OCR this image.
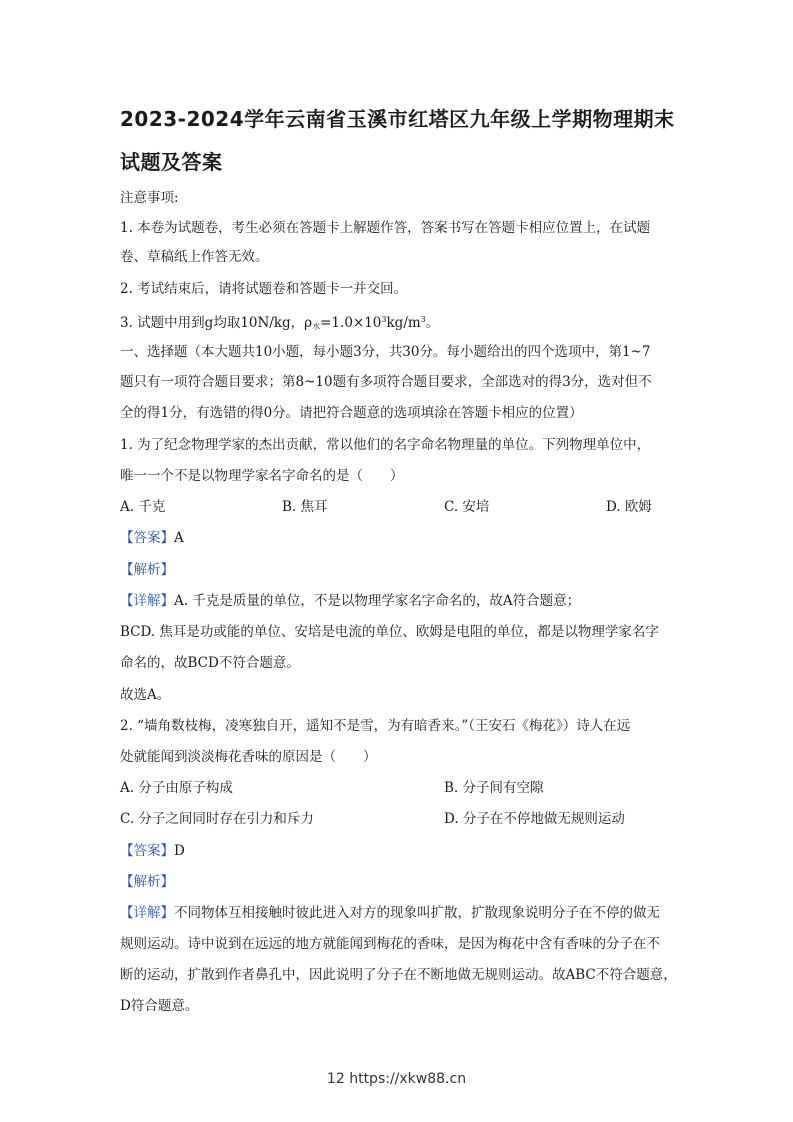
2023-2024学年云南省玉溪市红塔区九年级上学期物理期末
试题及答案
注意事项:
1. 本卷为试题卷，考生必须在答题卡上解题作答，答案书写在答题卡相应位置上，在试题
卷、草稿纸上作答无效。
2. 考试结束后，请将试题卷和答题卡一并交回。
3. 试题中用到g均取10N/kg，$\rho_水=1.0\times 10^3kg/m^3$。
一、选择题（本大题共10小题，每小题3分，共30分。每小题给出的四个选项中，第1~7
题只有一项符合题目要求；第8~10题有多项符合题目要求，全部选对的得3分，选对但不
全的得1分，有选错的得0分。请把符合题意的选项填涂在答题卡相应的位置）
1. 为了纪念物理学家的杰出贡献，常以他们的名字命名物理量的单位。下列物理单位中，
唯一一个不是以物理学家名字命名的是（　　）
A. 千克	B. 焦耳	C. 安培	D. 欧姆
【答案】A
【解析】
【详解】A. 千克是质量的单位，不是以物理学家名字命名的，故A符合题意；
BCD. 焦耳是功或能的单位、安培是电流的单位、欧姆是电阻的单位，都是以物理学家名字
命名的，故BCD不符合题意。
故选A。
2. “墙角数枝梅，凌寒独自开，遥知不是雪，为有暗香来。”（王安石《梅花》）诗人在远
处就能闻到淡淡梅花香味的原因是（　　）
A. 分子由原子构成	B. 分子间有空隙
C. 分子之间同时存在引力和斥力	D. 分子在不停地做无规则运动
【答案】D
【解析】
【详解】不同物体互相接触时彼此进入对方的现象叫扩散，扩散现象说明分子在不停的做无
规则运动。诗中说到在远远的地方就能闻到梅花的香味，是因为梅花中含有香味的分子在不
断的运动，扩散到作者鼻孔中，因此说明了分子在不断地做无规则运动。故ABC不符合题意，
D符合题意。
12 https://xkw88.cn
